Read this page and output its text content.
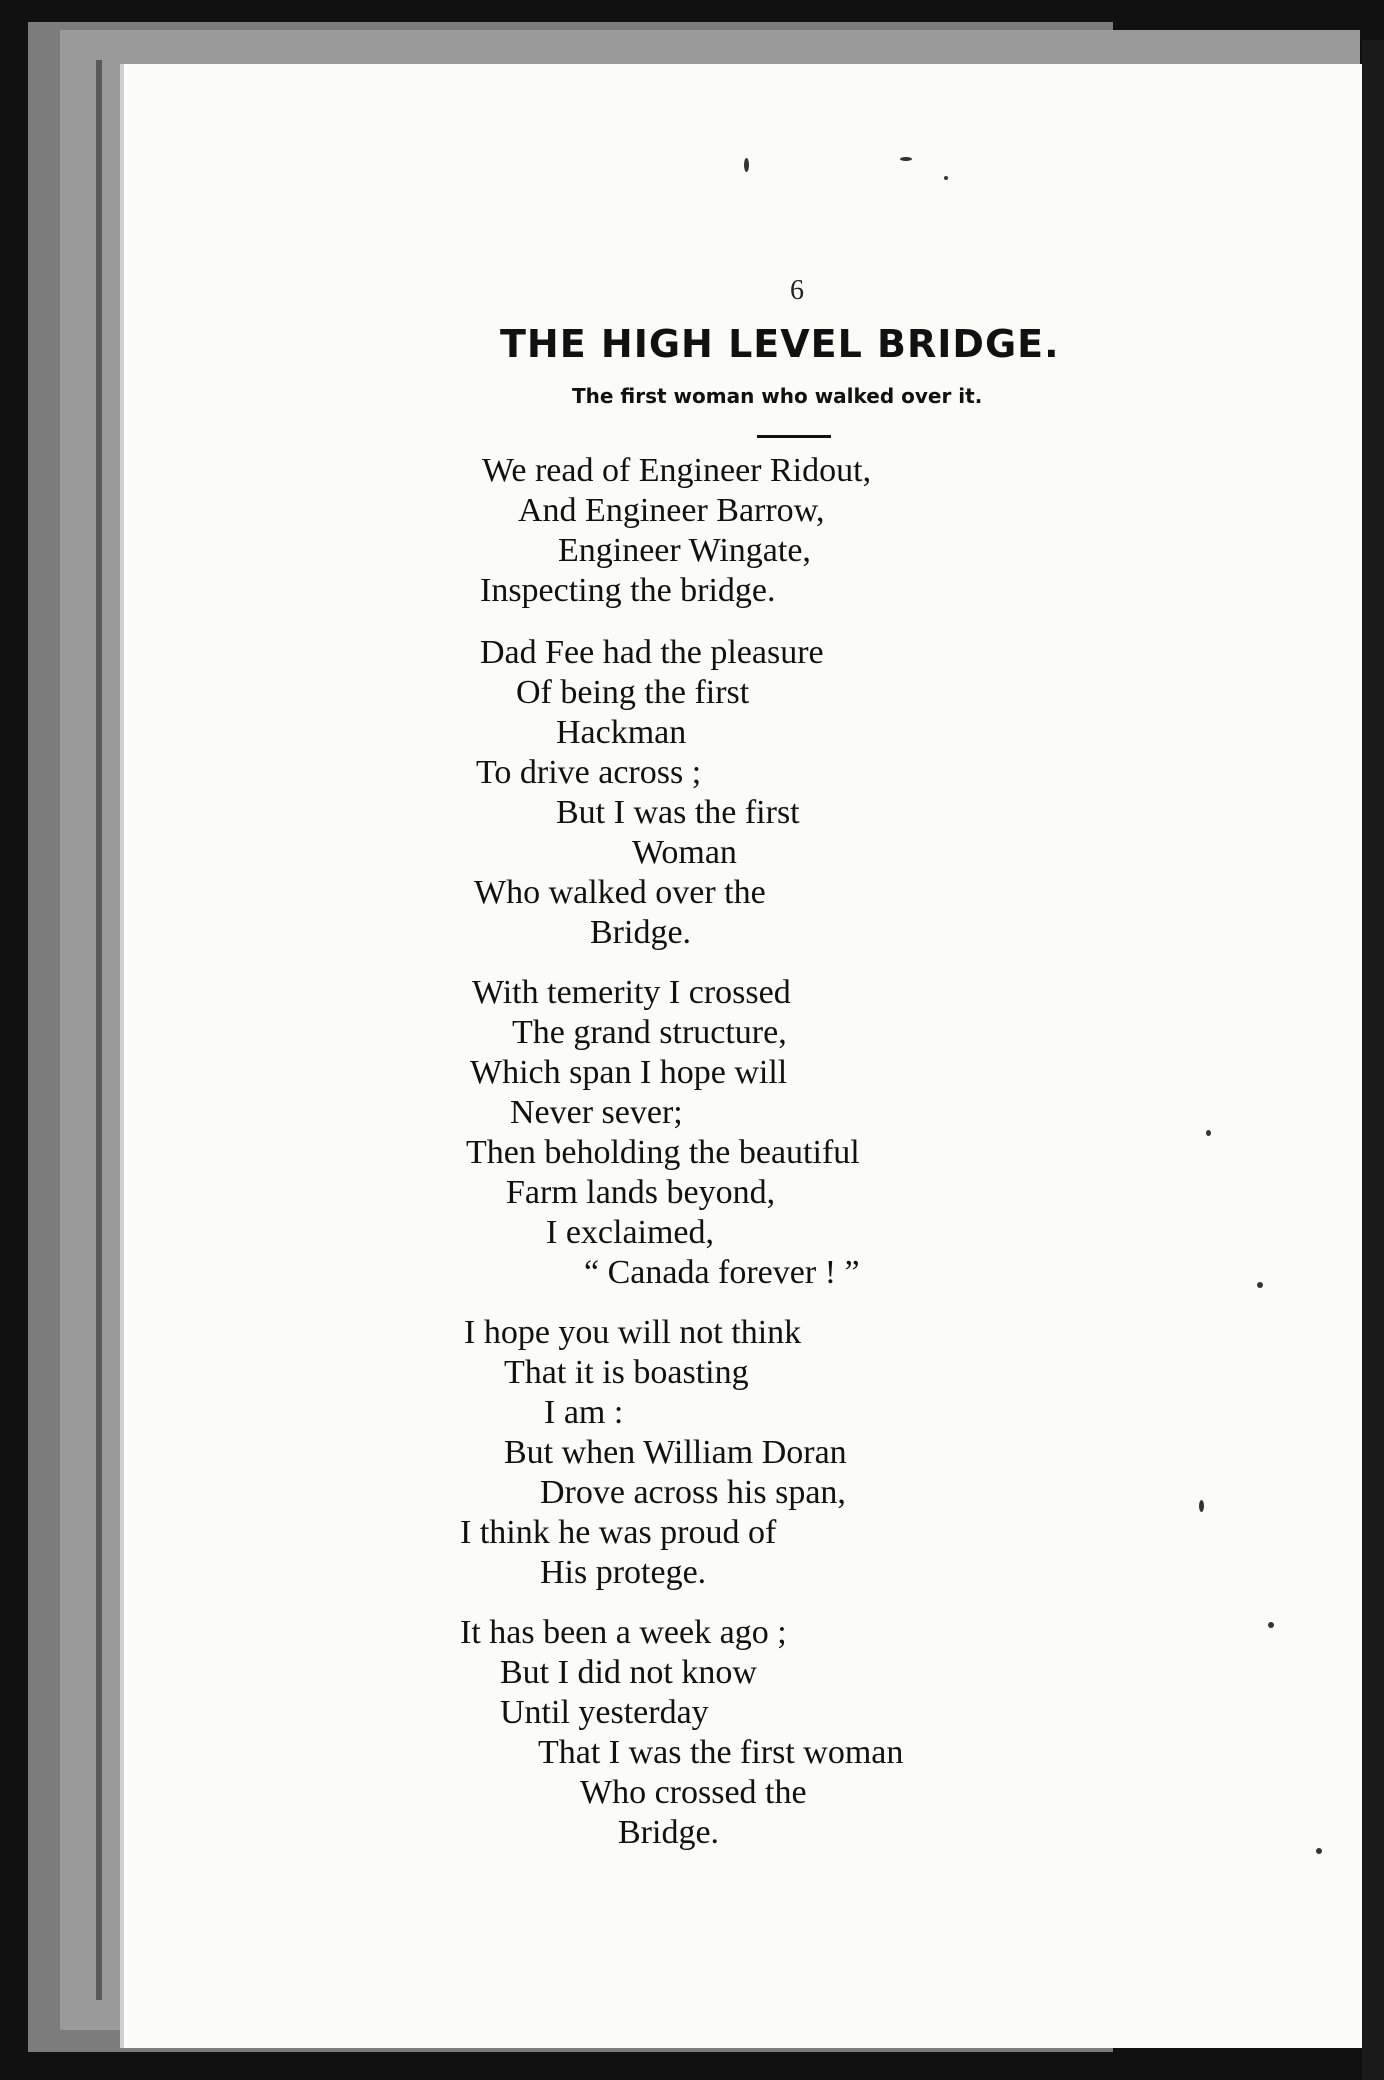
6
THE HIGH LEVEL BRIDGE.
The first woman who walked over it.
We read of Engineer Ridout,
And Engineer Barrow,
Engineer Wingate,
Inspecting the bridge.
Dad Fee had the pleasure
Of being the first
Hackman
To drive across ;
But I was the first
Woman
Who walked over the
Bridge.
With temerity I crossed
The grand structure,
Which span I hope will
Never sever;
Then beholding the beautiful
Farm lands beyond,
I exclaimed,
“ Canada forever ! ”
I hope you will not think
That it is boasting
I am :
But when William Doran
Drove across his span,
I think he was proud of
His protege.
It has been a week ago ;
But I did not know
Until yesterday
That I was the first woman
Who crossed the
Bridge.
